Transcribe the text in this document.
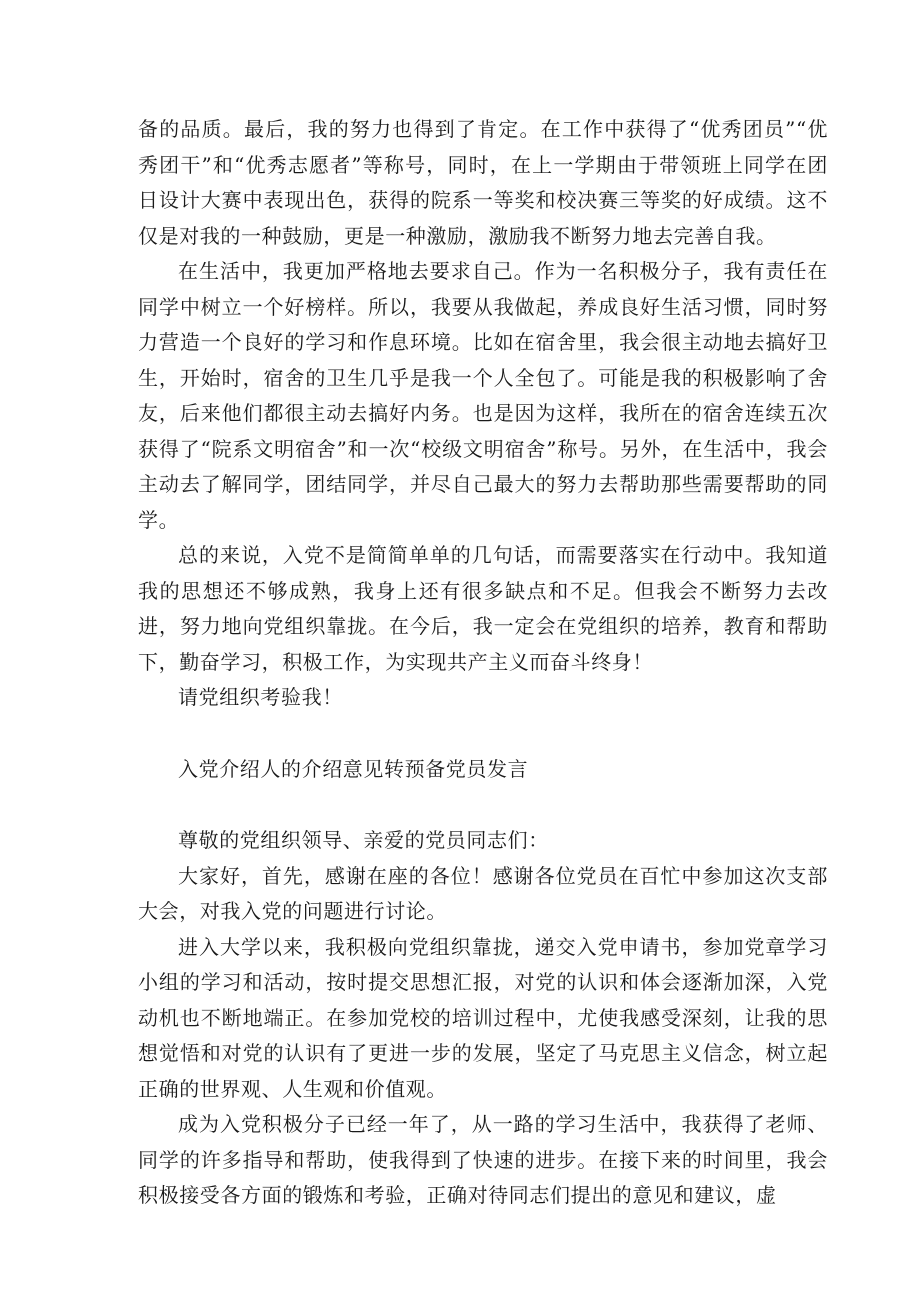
备的品质。最后，我的努力也得到了肯定。在工作中获得了“优秀团员”“优秀团干”和“优秀志愿者”等称号，同时，在上一学期由于带领班上同学在团日设计大赛中表现出色，获得的院系一等奖和校决赛三等奖的好成绩。这不仅是对我的一种鼓励，更是一种激励，激励我不断努力地去完善自我。

在生活中，我更加严格地去要求自己。作为一名积极分子，我有责任在同学中树立一个好榜样。所以，我要从我做起，养成良好生活习惯，同时努力营造一个良好的学习和作息环境。比如在宿舍里，我会很主动地去搞好卫生，开始时，宿舍的卫生几乎是我一个人全包了。可能是我的积极影响了舍友，后来他们都很主动去搞好内务。也是因为这样，我所在的宿舍连续五次获得了“院系文明宿舍”和一次“校级文明宿舍”称号。另外，在生活中，我会主动去了解同学，团结同学，并尽自己最大的努力去帮助那些需要帮助的同学。

总的来说，入党不是简简单单的几句话，而需要落实在行动中。我知道我的思想还不够成熟，我身上还有很多缺点和不足。但我会不断努力去改进，努力地向党组织靠拢。在今后，我一定会在党组织的培养，教育和帮助下，勤奋学习，积极工作，为实现共产主义而奋斗终身！

请党组织考验我！

入党介绍人的介绍意见转预备党员发言

尊敬的党组织领导、亲爱的党员同志们：

大家好，首先，感谢在座的各位！感谢各位党员在百忙中参加这次支部大会，对我入党的问题进行讨论。

进入大学以来，我积极向党组织靠拢，递交入党申请书，参加党章学习小组的学习和活动，按时提交思想汇报，对党的认识和体会逐渐加深，入党动机也不断地端正。在参加党校的培训过程中，尤使我感受深刻，让我的思想觉悟和对党的认识有了更进一步的发展，坚定了马克思主义信念，树立起正确的世界观、人生观和价值观。

成为入党积极分子已经一年了，从一路的学习生活中，我获得了老师、同学的许多指导和帮助，使我得到了快速的进步。在接下来的时间里，我会积极接受各方面的锻炼和考验，正确对待同志们提出的意见和建议，虚
